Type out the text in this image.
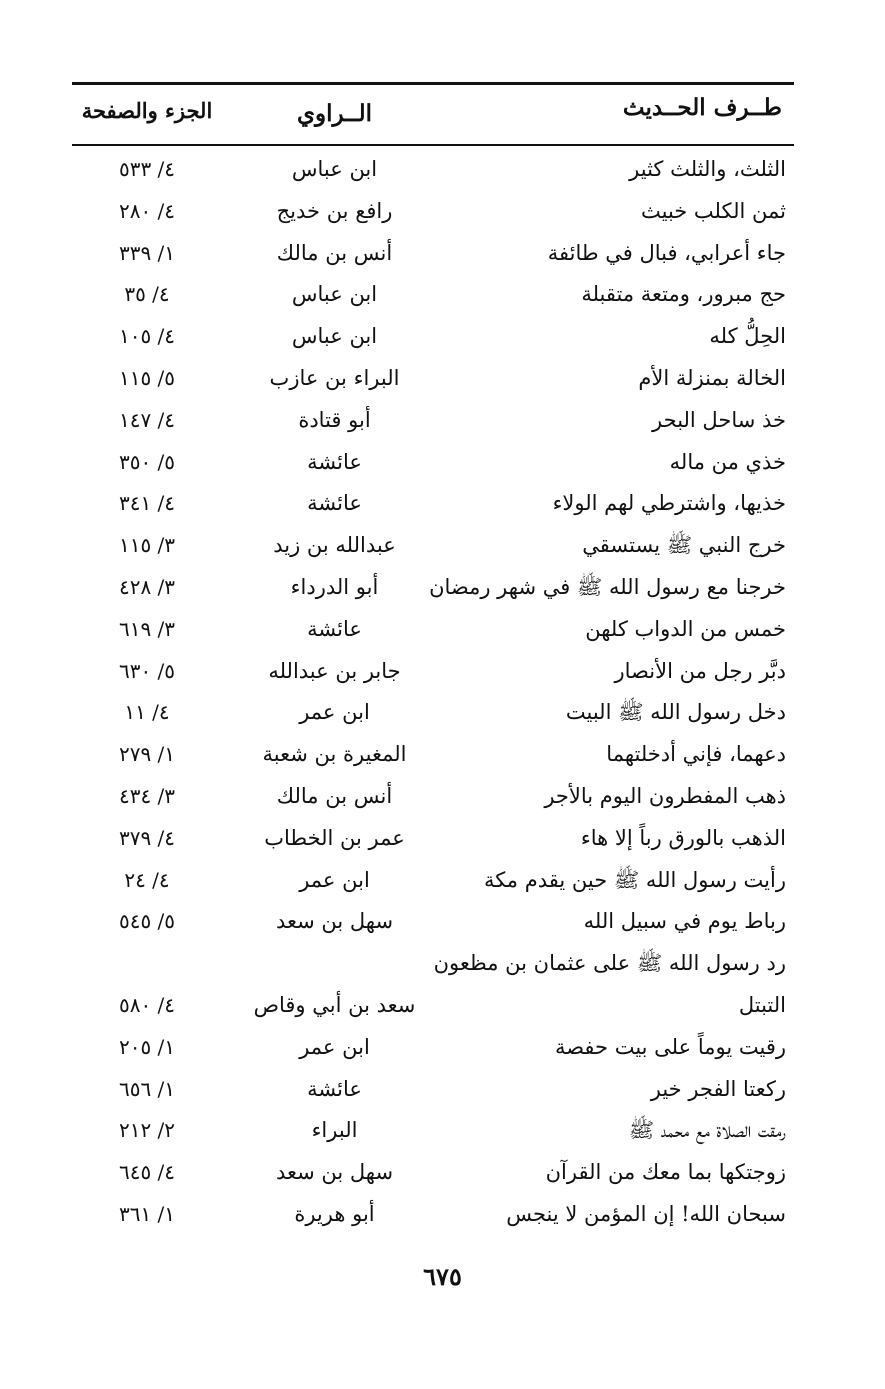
طــرف الحــديث
الــراوي
الجزء والصفحة
الثلث، والثلث كثير
ابن عباس
٤/ ٥٣٣
ثمن الكلب خبيث
رافع بن خديج
٤/ ٢٨٠
جاء أعرابي، فبال في طائفة
أنس بن مالك
١/ ٣٣٩
حج مبرور، ومتعة متقبلة
ابن عباس
٤/ ٣٥
الحِلُّ كله
ابن عباس
٤/ ١٠٥
الخالة بمنزلة الأم
البراء بن عازب
٥/ ١١٥
خذ ساحل البحر
أبو قتادة
٤/ ١٤٧
خذي من ماله
عائشة
٥/ ٣٥٠
خذيها، واشترطي لهم الولاء
عائشة
٤/ ٣٤١
خرج النبي ﷺ يستسقي
عبدالله بن زيد
٣/ ١١٥
خرجنا مع رسول الله ﷺ في شهر رمضان
أبو الدرداء
٣/ ٤٢٨
خمس من الدواب كلهن
عائشة
٣/ ٦١٩
دبَّر رجل من الأنصار
جابر بن عبدالله
٥/ ٦٣٠
دخل رسول الله ﷺ البيت
ابن عمر
٤/ ١١
دعهما، فإني أدخلتهما
المغيرة بن شعبة
١/ ٢٧٩
ذهب المفطرون اليوم بالأجر
أنس بن مالك
٣/ ٤٣٤
الذهب بالورق رباً إلا هاء
عمر بن الخطاب
٤/ ٣٧٩
رأيت رسول الله ﷺ حين يقدم مكة
ابن عمر
٤/ ٢٤
رباط يوم في سبيل الله
سهل بن سعد
٥/ ٥٤٥
رد رسول الله ﷺ على عثمان بن مظعون
التبتل
سعد بن أبي وقاص
٤/ ٥٨٠
رقيت يوماً على بيت حفصة
ابن عمر
١/ ٢٠٥
ركعتا الفجر خير
عائشة
١/ ٦٥٦
رمقت الصلاة مع محمد ﷺ
البراء
٢/ ٢١٢
زوجتكها بما معك من القرآن
سهل بن سعد
٤/ ٦٤٥
سبحان الله! إن المؤمن لا ينجس
أبو هريرة
١/ ٣٦١
٦٧٥
